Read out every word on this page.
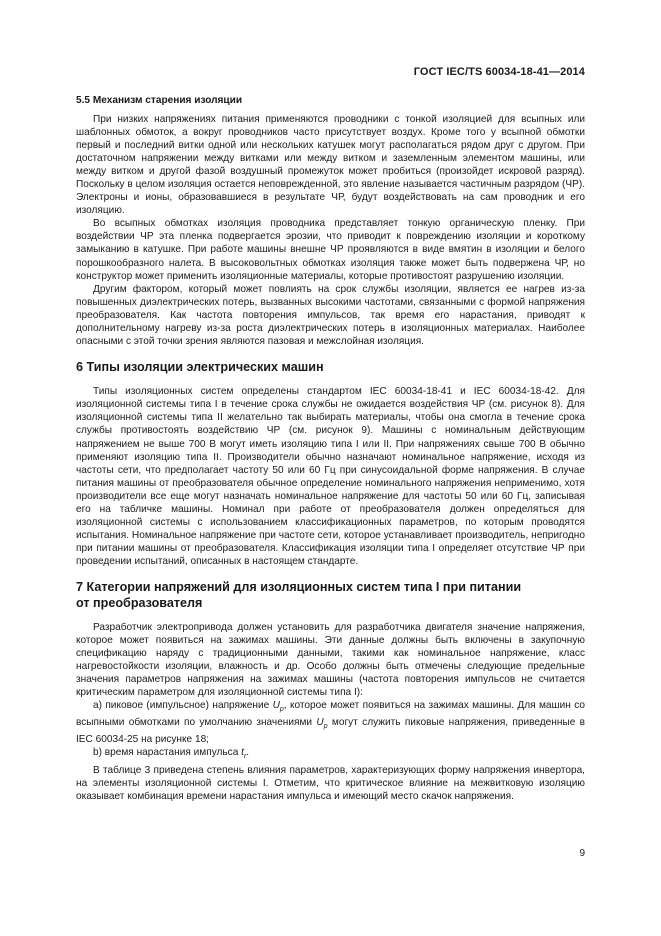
ГОСТ IEC/TS 60034-18-41—2014
5.5 Механизм старения изоляции

При низких напряжениях питания применяются проводники с тонкой изоляцией для всыпных или шаблонных обмоток, а вокруг проводников часто присутствует воздух. Кроме того у всыпной обмотки первый и последний витки одной или нескольких катушек могут располагаться рядом друг с другом. При достаточном напряжении между витками или между витком и заземленным элементом машины, или между витком и другой фазой воздушный промежуток может пробиться (произойдет искровой разряд). Поскольку в целом изоляция остается неповрежденной, это явление называется частичным разрядом (ЧР). Электроны и ионы, образовавшиеся в результате ЧР, будут воздействовать на сам проводник и его изоляцию.

Во всыпных обмотках изоляция проводника представляет тонкую органическую пленку. При воздействии ЧР эта пленка подвергается эрозии, что приводит к повреждению изоляции и короткому замыканию в катушке. При работе машины внешне ЧР проявляются в виде вмятин в изоляции и белого порошкообразного налета. В высоковольтных обмотках изоляция также может быть подвержена ЧР, но конструктор может применить изоляционные материалы, которые противостоят разрушению изоляции.

Другим фактором, который может повлиять на срок службы изоляции, является ее нагрев из-за повышенных диэлектрических потерь, вызванных высокими частотами, связанными с формой напряжения преобразователя. Как частота повторения импульсов, так время его нарастания, приводят к дополнительному нагреву из-за роста диэлектрических потерь в изоляционных материалах. Наиболее опасными с этой точки зрения являются пазовая и межслойная изоляция.

6 Типы изоляции электрических машин

Типы изоляционных систем определены стандартом IEC 60034-18-41 и IEC 60034-18-42. Для изоляционной системы типа I в течение срока службы не ожидается воздействия ЧР (см. рисунок 8). Для изоляционной системы типа II желательно так выбирать материалы, чтобы она смогла в течение срока службы противостоять воздействию ЧР (см. рисунок 9). Машины с номинальным действующим напряжением не выше 700 В могут иметь изоляцию типа I или II. При напряжениях свыше 700 В обычно применяют изоляцию типа II. Производители обычно назначают номинальное напряжение, исходя из частоты сети, что предполагает частоту 50 или 60 Гц при синусоидальной форме напряжения. В случае питания машины от преобразователя обычное определение номинального напряжения неприменимо, хотя производители все еще могут назначать номинальное напряжение для частоты 50 или 60 Гц, записывая его на табличке машины. Номинал при работе от преобразователя должен определяться для изоляционной системы с использованием классификационных параметров, по которым проводятся испытания. Номинальное напряжение при частоте сети, которое устанавливает производитель, непригодно при питании машины от преобразователя. Классификация изоляции типа I определяет отсутствие ЧР при проведении испытаний, описанных в настоящем стандарте.

7 Категории напряжений для изоляционных систем типа I при питании
от преобразователя

Разработчик электропривода должен установить для разработчика двигателя значение напряжения, которое может появиться на зажимах машины. Эти данные должны быть включены в закупочную спецификацию наряду с традиционными данными, такими как номинальное напряжение, класс нагревостойкости изоляции, влажность и др. Особо должны быть отмечены следующие предельные значения параметров напряжения на зажимах машины (частота повторения импульсов не считается критическим параметром для изоляционной системы типа I):

а) пиковое (импульсное) напряжение $U_p$, которое может появиться на зажимах машины. Для машин со всыпными обмотками по умолчанию значениями $U_p$ могут служить пиковые напряжения, приведенные в IEC 60034-25 на рисунке 18;

b) время нарастания импульса $t_r$.

В таблице 3 приведена степень влияния параметров, характеризующих форму напряжения инвертора, на элементы изоляционной системы I. Отметим, что критическое влияние на межвитковую изоляцию оказывает комбинация времени нарастания импульса и имеющий место скачок напряжения.

9
